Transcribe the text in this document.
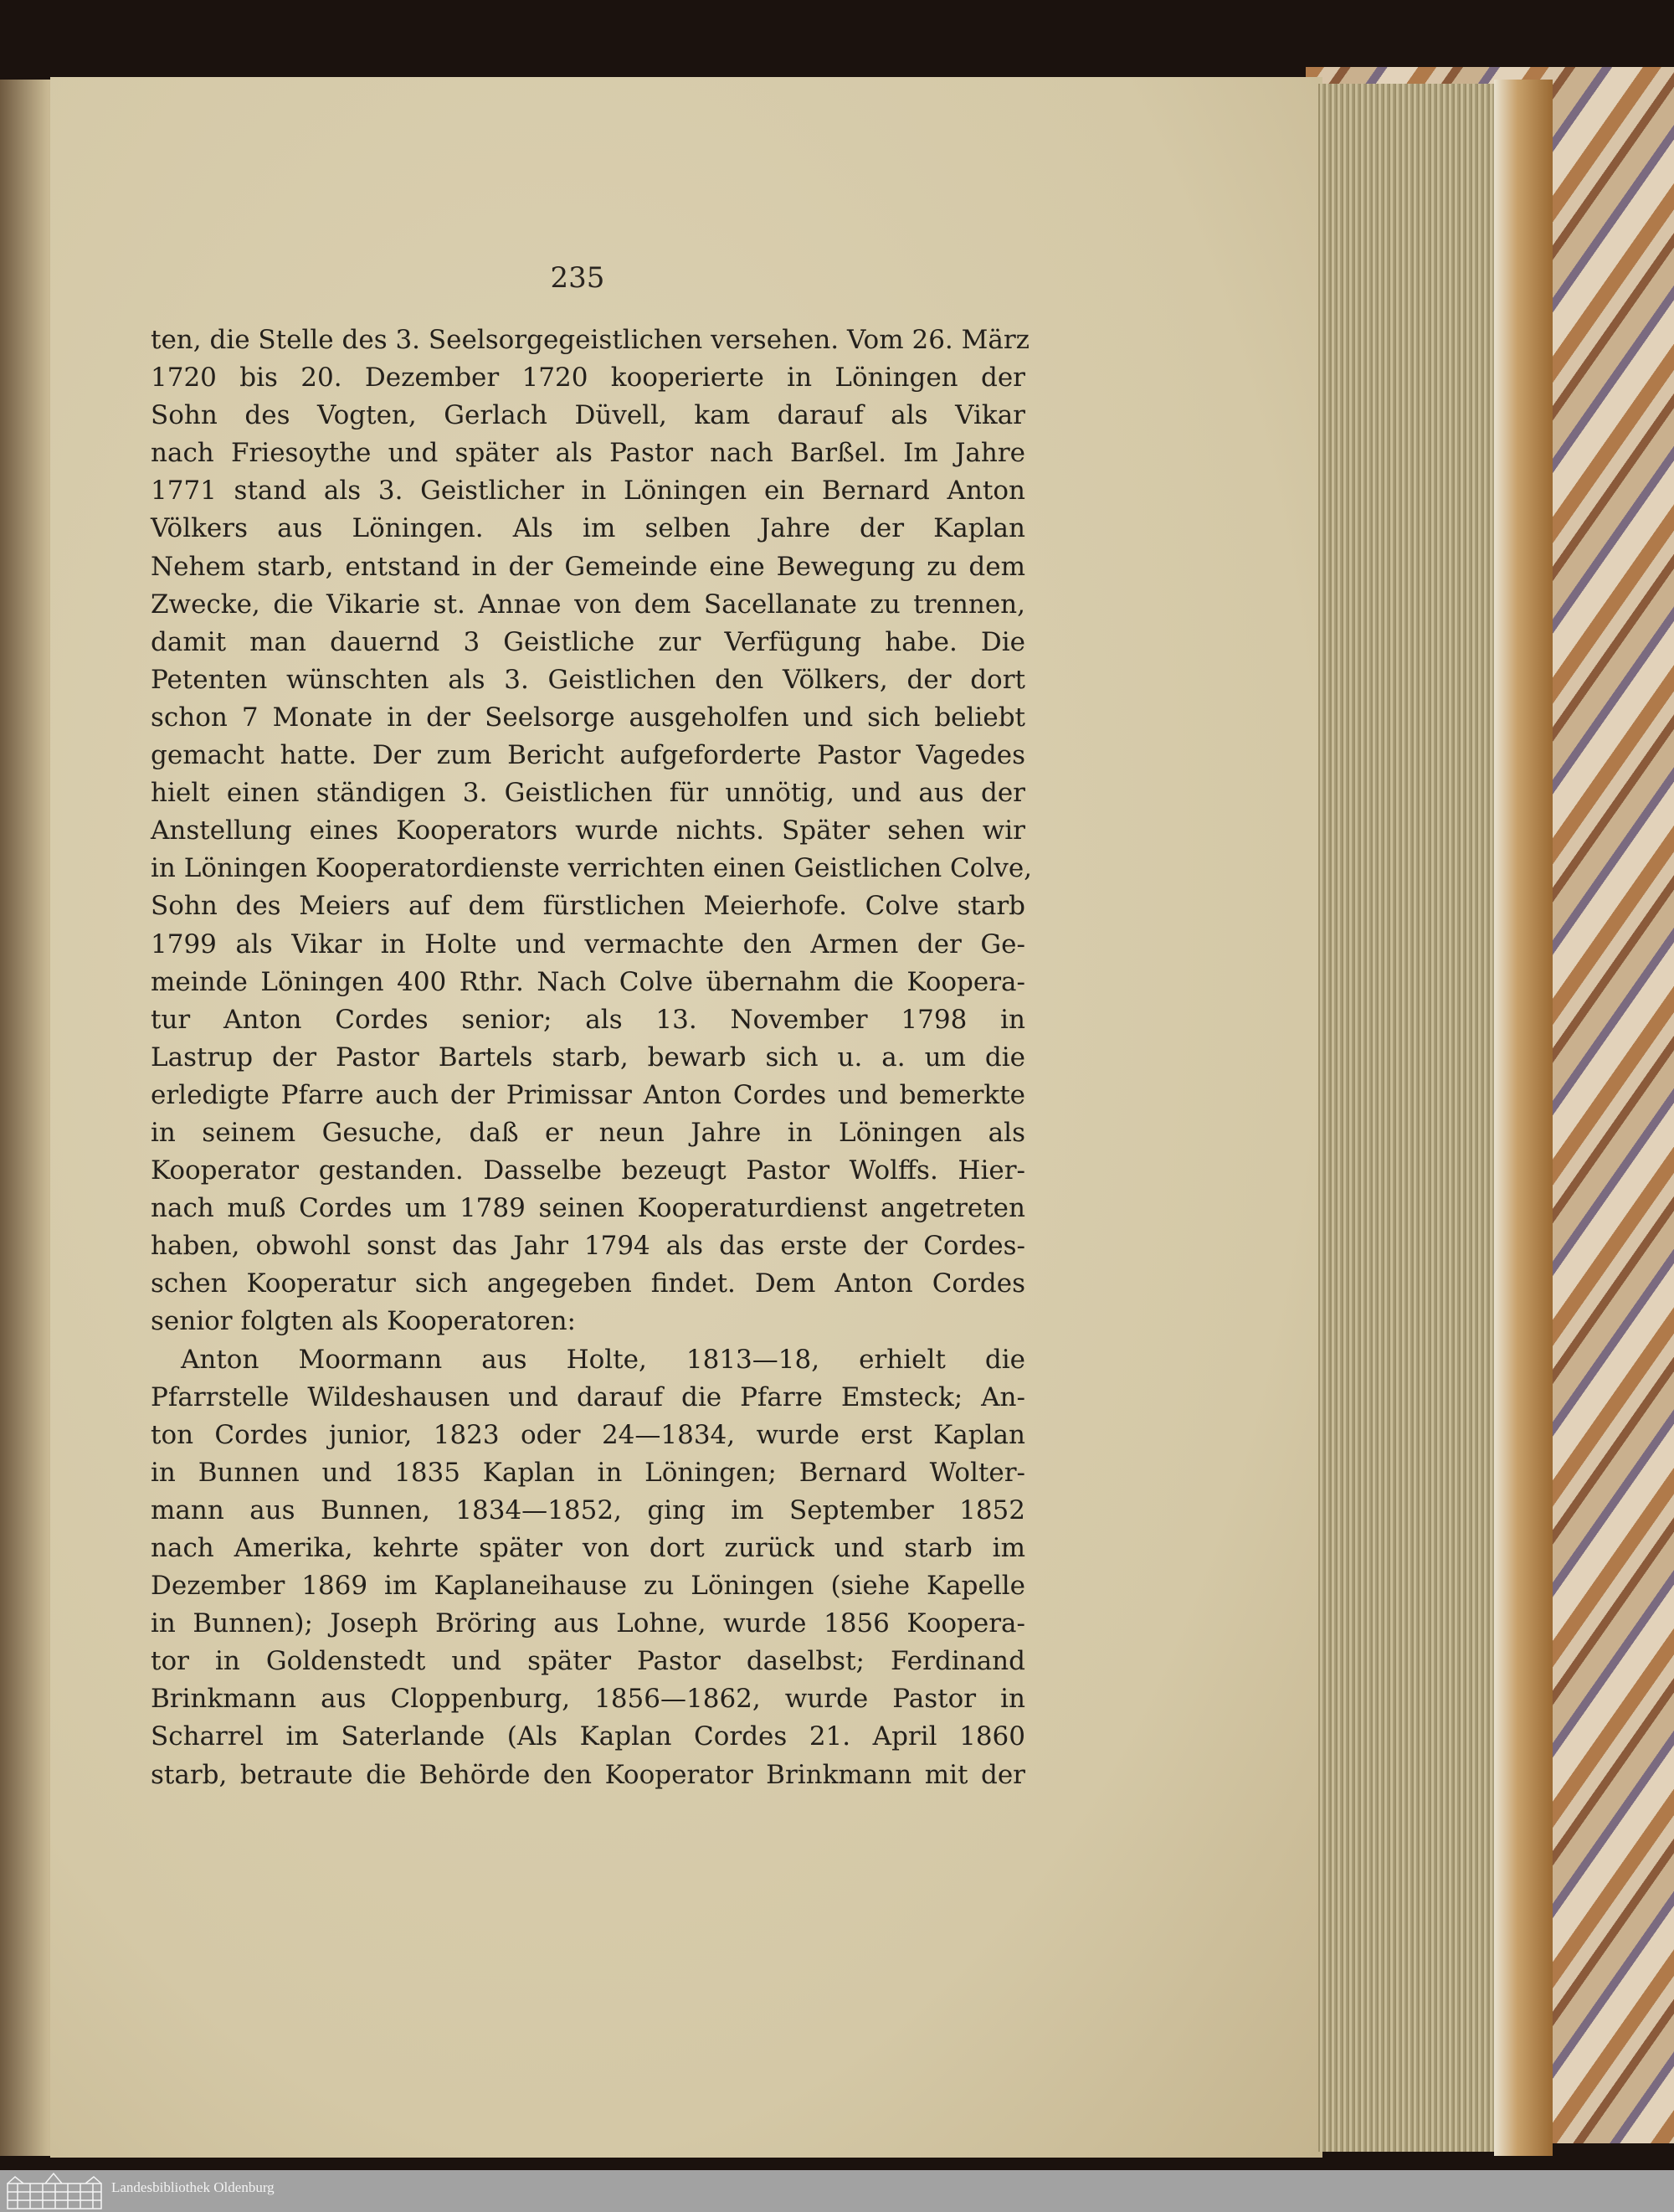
235
ten, die Stelle des 3. Seelsorgegeistlichen versehen. Vom 26. März
1720 bis 20. Dezember 1720 kooperierte in Löningen der
Sohn des Vogten, Gerlach Düvell, kam darauf als Vikar
nach Friesoythe und später als Pastor nach Barßel. Im Jahre
1771 stand als 3. Geistlicher in Löningen ein Bernard Anton
Völkers aus Löningen. Als im selben Jahre der Kaplan
Nehem starb, entstand in der Gemeinde eine Bewegung zu dem
Zwecke, die Vikarie st. Annae von dem Sacellanate zu trennen,
damit man dauernd 3 Geistliche zur Verfügung habe. Die
Petenten wünschten als 3. Geistlichen den Völkers, der dort
schon 7 Monate in der Seelsorge ausgeholfen und sich beliebt
gemacht hatte. Der zum Bericht aufgeforderte Pastor Vagedes
hielt einen ständigen 3. Geistlichen für unnötig, und aus der
Anstellung eines Kooperators wurde nichts. Später sehen wir
in Löningen Kooperatordienste verrichten einen Geistlichen Colve,
Sohn des Meiers auf dem fürstlichen Meierhofe. Colve starb
1799 als Vikar in Holte und vermachte den Armen der Ge-
meinde Löningen 400 Rthr. Nach Colve übernahm die Koopera-
tur Anton Cordes senior; als 13. November 1798 in
Lastrup der Pastor Bartels starb, bewarb sich u. a. um die
erledigte Pfarre auch der Primissar Anton Cordes und bemerkte
in seinem Gesuche, daß er neun Jahre in Löningen als
Kooperator gestanden. Dasselbe bezeugt Pastor Wolffs. Hier-
nach muß Cordes um 1789 seinen Kooperaturdienst angetreten
haben, obwohl sonst das Jahr 1794 als das erste der Cordes-
schen Kooperatur sich angegeben findet. Dem Anton Cordes
senior folgten als Kooperatoren:
Anton Moormann aus Holte, 1813—18, erhielt die
Pfarrstelle Wildeshausen und darauf die Pfarre Emsteck; An-
ton Cordes junior, 1823 oder 24—1834, wurde erst Kaplan
in Bunnen und 1835 Kaplan in Löningen; Bernard Wolter-
mann aus Bunnen, 1834—1852, ging im September 1852
nach Amerika, kehrte später von dort zurück und starb im
Dezember 1869 im Kaplaneihause zu Löningen (siehe Kapelle
in Bunnen); Joseph Bröring aus Lohne, wurde 1856 Koopera-
tor in Goldenstedt und später Pastor daselbst; Ferdinand
Brinkmann aus Cloppenburg, 1856—1862, wurde Pastor in
Scharrel im Saterlande (Als Kaplan Cordes 21. April 1860
starb, betraute die Behörde den Kooperator Brinkmann mit der
Landesbibliothek Oldenburg
